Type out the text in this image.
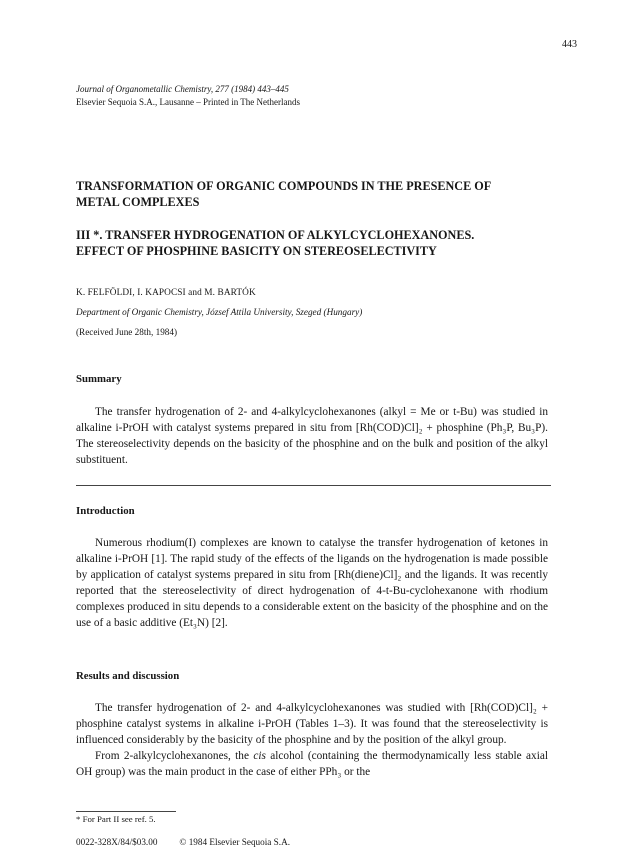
443
Journal of Organometallic Chemistry, 277 (1984) 443–445
Elsevier Sequoia S.A., Lausanne – Printed in The Netherlands
TRANSFORMATION OF ORGANIC COMPOUNDS IN THE PRESENCE OF
METAL COMPLEXES
III *. TRANSFER HYDROGENATION OF ALKYLCYCLOHEXANONES.
EFFECT OF PHOSPHINE BASICITY ON STEREOSELECTIVITY
K. FELFÖLDI, I. KAPOCSI and M. BARTÓK
Department of Organic Chemistry, József Attila University, Szeged (Hungary)
(Received June 28th, 1984)
Summary
The transfer hydrogenation of 2- and 4-alkylcyclohexanones (alkyl = Me or t-Bu) was studied in alkaline i-PrOH with catalyst systems prepared in situ from [Rh(COD)Cl]₂ + phosphine (Ph₃P, Bu₃P). The stereoselectivity depends on the basicity of the phosphine and on the bulk and position of the alkyl substituent.
Introduction
Numerous rhodium(I) complexes are known to catalyse the transfer hydrogenation of ketones in alkaline i-PrOH [1]. The rapid study of the effects of the ligands on the hydrogenation is made possible by application of catalyst systems prepared in situ from [Rh(diene)Cl]₂ and the ligands. It was recently reported that the stereoselectivity of direct hydrogenation of 4-t-Bu-cyclohexanone with rhodium complexes produced in situ depends to a considerable extent on the basicity of the phosphine and on the use of a basic additive (Et₃N) [2].
Results and discussion
The transfer hydrogenation of 2- and 4-alkylcyclohexanones was studied with [Rh(COD)Cl]₂ + phosphine catalyst systems in alkaline i-PrOH (Tables 1–3). It was found that the stereoselectivity is influenced considerably by the basicity of the phosphine and by the position of the alkyl group.
From 2-alkylcyclohexanones, the cis alcohol (containing the thermodynamically less stable axial OH group) was the main product in the case of either PPh₃ or the
* For Part II see ref. 5.
0022-328X/84/$03.00 © 1984 Elsevier Sequoia S.A.
